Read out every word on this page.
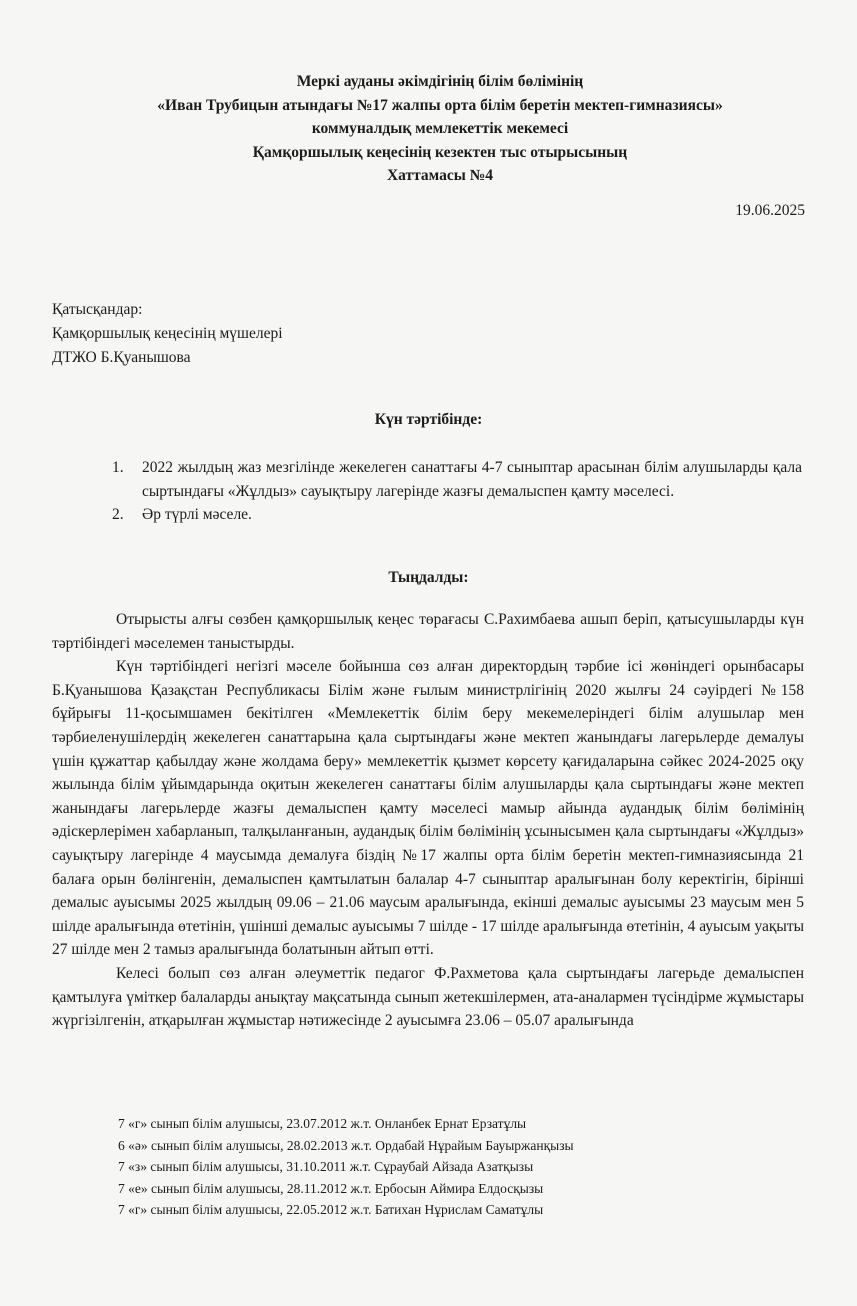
Меркі ауданы әкімдігінің білім бөлімінің
«Иван Трубицын атындағы №17 жалпы орта білім беретін мектеп-гимназиясы»
коммуналдық мемлекеттік мекемесі
Қамқоршылық кеңесінің кезектен тыс отырысының
Хаттамасы №4
19.06.2025
Қатысқандар:
Қамқоршылық кеңесінің мүшелері
ДТЖО Б.Қуанышова
Күн тәртібінде:
1.	2022 жылдың жаз мезгілінде жекелеген санаттағы 4-7 сыныптар арасынан білім алушыларды қала сыртындағы «Жұлдыз» сауықтыру лагерінде жазғы демалыспен қамту мәселесі.
2.	Әр түрлі мәселе.
Тыңдалды:

Отырысты алғы сөзбен қамқоршылық кеңес төрағасы С.Рахимбаева ашып беріп, қатысушыларды күн тәртібіндегі мәселемен таныстырды.

Күн тәртібіндегі негізгі мәселе бойынша сөз алған директордың тәрбие ісі жөніндегі орынбасары Б.Қуанышова Қазақстан Республикасы Білім және ғылым министрлігінің 2020 жылғы 24 сәуірдегі №158 бұйрығы 11-қосымшамен бекітілген «Мемлекеттік білім беру мекемелеріндегі білім алушылар мен тәрбиеленушілердің жекелеген санаттарына қала сыртындағы және мектеп жанындағы лагерьлерде демалуы үшін құжаттар қабылдау және жолдама беру» мемлекеттік қызмет көрсету қағидаларына сәйкес 2024-2025 оқу жылында білім ұйымдарында оқитын жекелеген санаттағы білім алушыларды қала сыртындағы және мектеп жанындағы лагерьлерде жазғы демалыспен қамту мәселесі мамыр айында аудандық білім бөлімінің әдіскерлерімен хабарланып, талқыланғанын, аудандық білім бөлімінің ұсынысымен қала сыртындағы «Жұлдыз» сауықтыру лагерінде 4 маусымда демалуға біздің №17 жалпы орта білім беретін мектеп-гимназиясында 21 балаға орын бөлінгенін, демалыспен қамтылатын балалар 4-7 сыныптар аралығынан болу керектігін, бірінші демалыс ауысымы 2025 жылдың 09.06 – 21.06 маусым аралығында, екінші демалыс ауысымы 23 маусым мен 5 шілде аралығында өтетінін, үшінші демалыс ауысымы 7 шілде - 17 шілде аралығында өтетінін, 4 ауысым уақыты 27 шілде мен 2 тамыз аралығында болатынын айтып өтті.

Келесі болып сөз алған әлеуметтік педагог Ф.Рахметова қала сыртындағы лагерьде демалыспен қамтылуға үміткер балаларды анықтау мақсатында сынып жетекшілермен, ата-аналармен түсіндірме жұмыстары жүргізілгенін, атқарылған жұмыстар нәтижесінде 2 ауысымға 23.06 – 05.07 аралығында

7 «г» сынып білім алушысы, 23.07.2012 ж.т. Онланбек Ернат Ерзатұлы
6 «ә» сынып білім алушысы, 28.02.2013 ж.т. Ордабай Нұрайым Бауыржанқызы
7 «з» сынып білім алушысы, 31.10.2011 ж.т. Сұраубай Айзада Азатқызы
7 «е» сынып білім алушысы, 28.11.2012 ж.т. Ербосын Аймира Елдосқызы
7 «г» сынып білім алушысы, 22.05.2012 ж.т. Батихан Нұрислам Саматұлы
